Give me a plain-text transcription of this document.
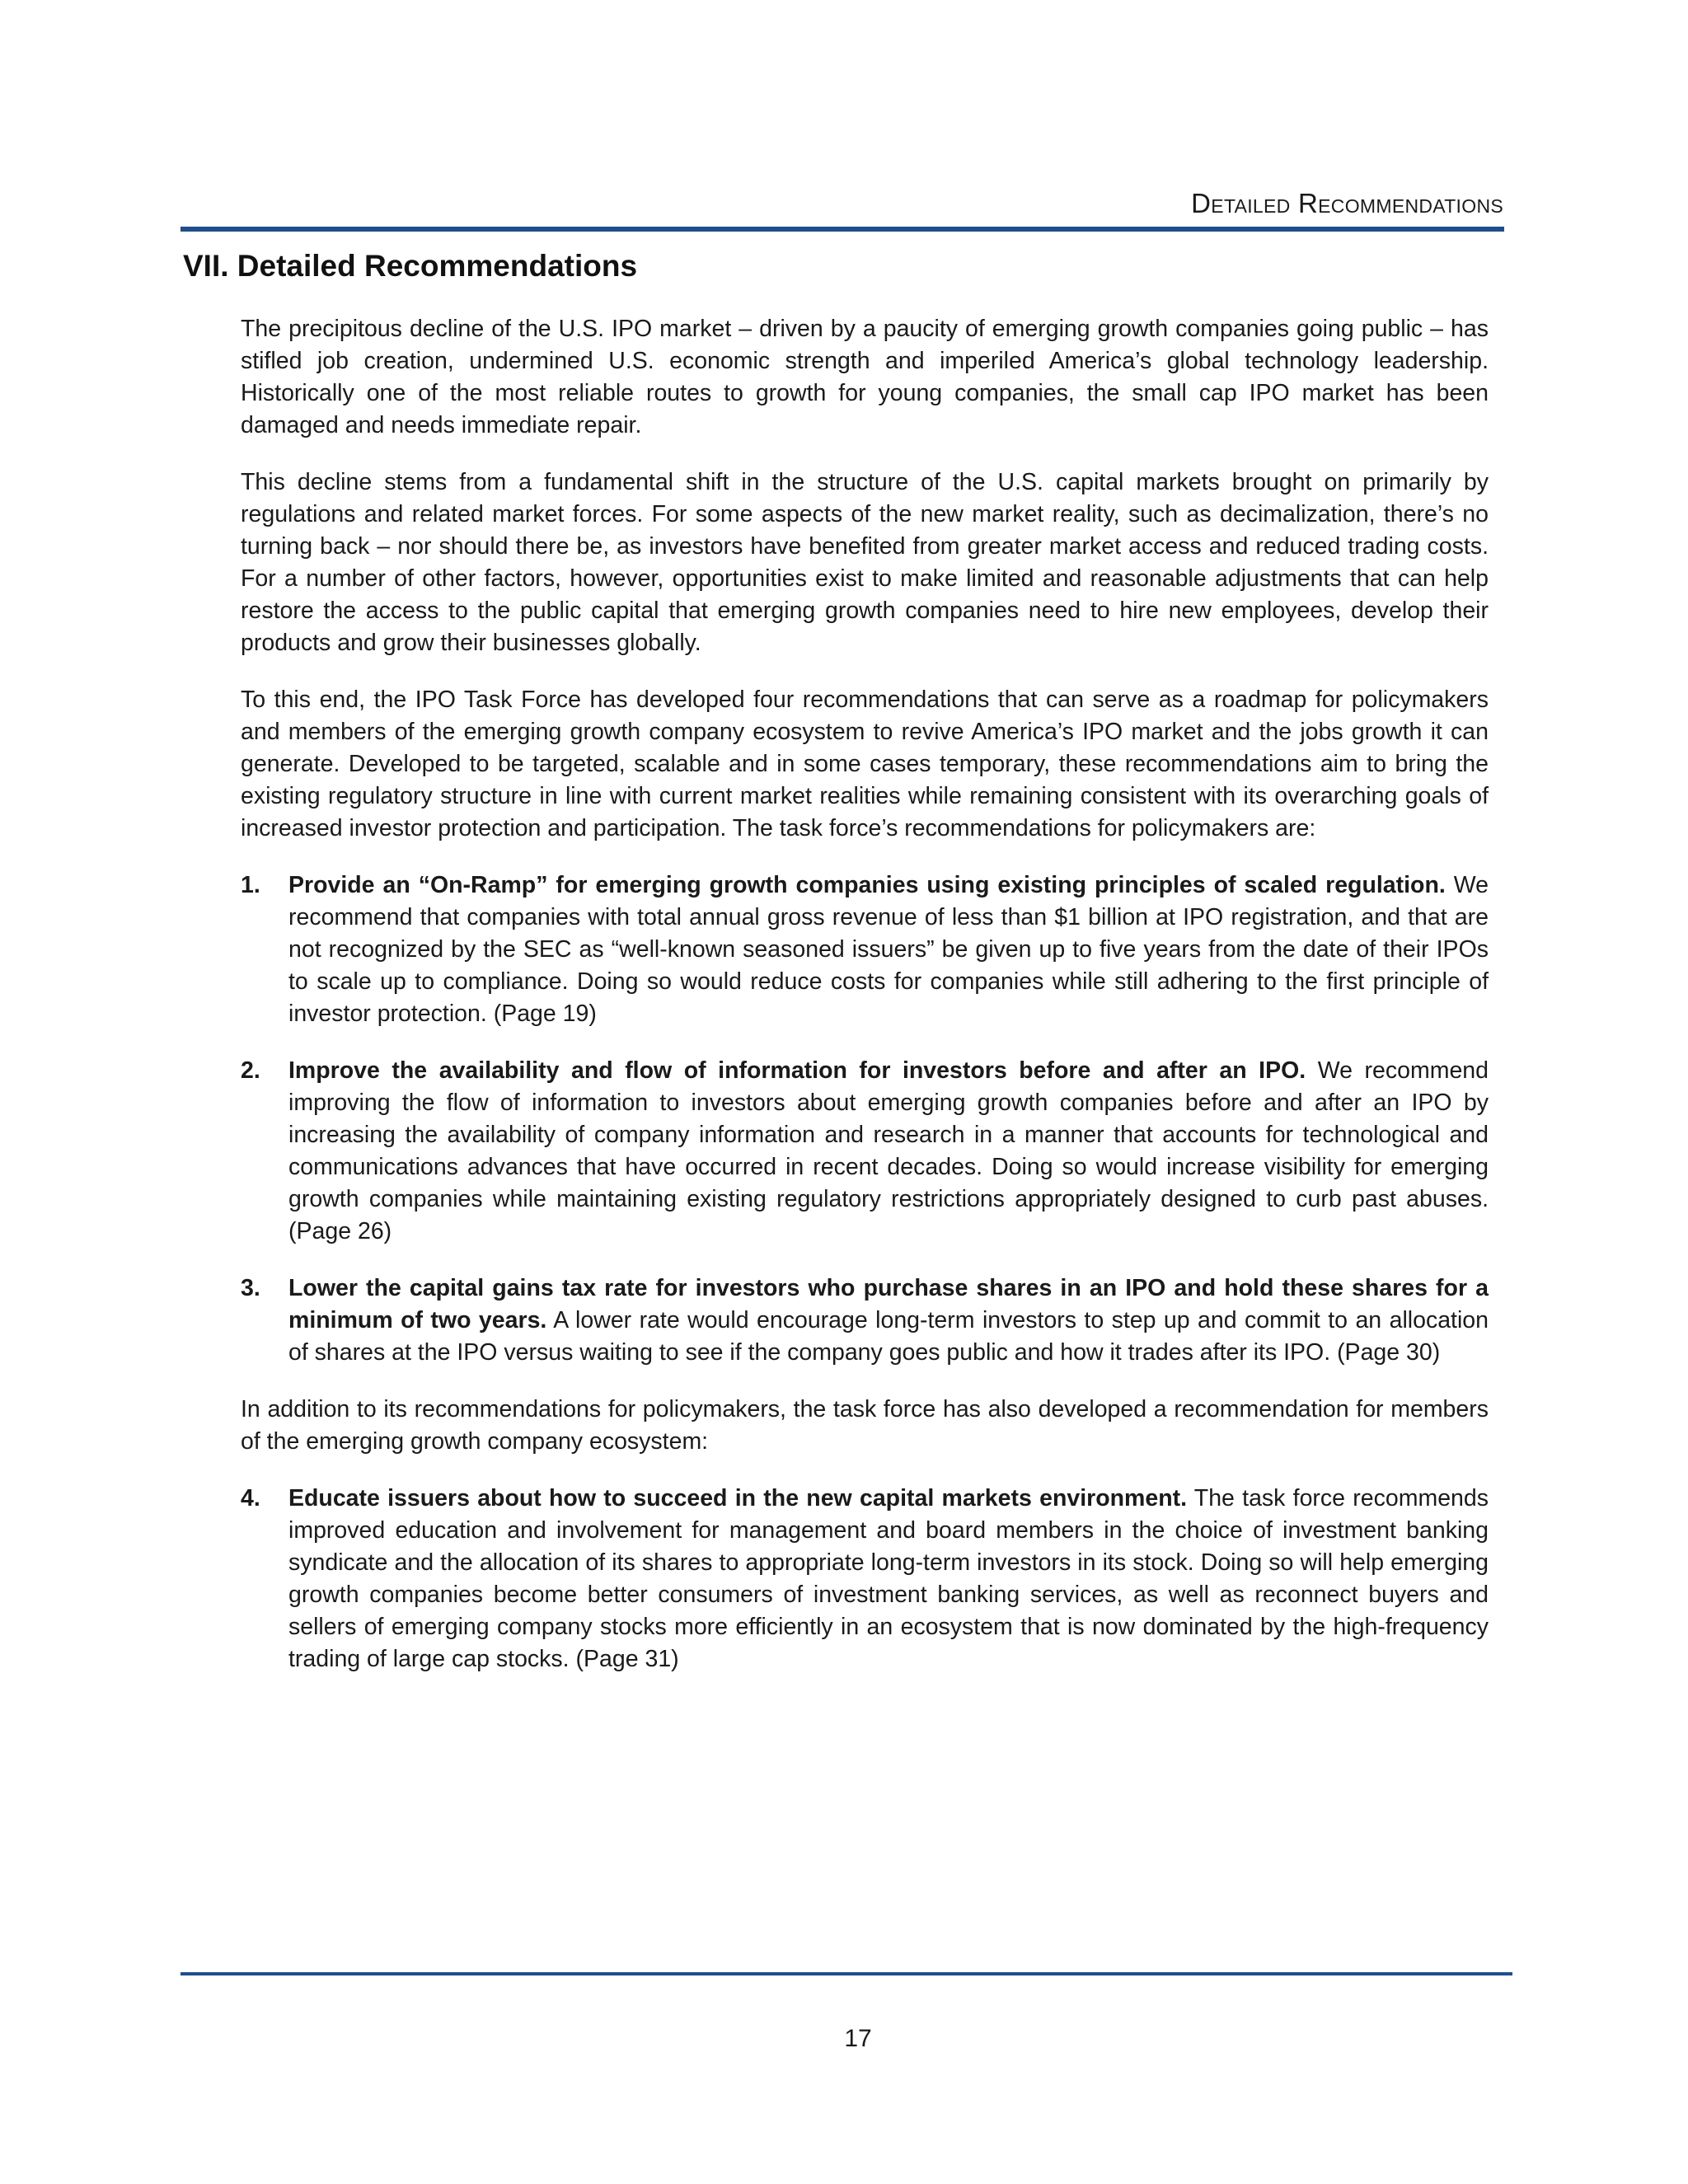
Detailed Recommendations
VII. Detailed Recommendations

The precipitous decline of the U.S. IPO market – driven by a paucity of emerging growth companies going public – has stifled job creation, undermined U.S. economic strength and imperiled America’s global technology leadership. Historically one of the most reliable routes to growth for young companies, the small cap IPO market has been damaged and needs immediate repair.

This decline stems from a fundamental shift in the structure of the U.S. capital markets brought on primarily by regulations and related market forces. For some aspects of the new market reality, such as decimalization, there’s no turning back – nor should there be, as investors have benefited from greater market access and reduced trading costs. For a number of other factors, however, opportunities exist to make limited and reasonable adjustments that can help restore the access to the public capital that emerging growth companies need to hire new employees, develop their products and grow their businesses globally.

To this end, the IPO Task Force has developed four recommendations that can serve as a roadmap for policymakers and members of the emerging growth company ecosystem to revive America’s IPO market and the jobs growth it can generate. Developed to be targeted, scalable and in some cases temporary, these recommendations aim to bring the existing regulatory structure in line with current market realities while remaining consistent with its overarching goals of increased investor protection and participation. The task force’s recommendations for policymakers are:

1. Provide an “On-Ramp” for emerging growth companies using existing principles of scaled regulation. We recommend that companies with total annual gross revenue of less than $1 billion at IPO registration, and that are not recognized by the SEC as “well-known seasoned issuers” be given up to five years from the date of their IPOs to scale up to compliance. Doing so would reduce costs for companies while still adhering to the first principle of investor protection. (Page 19)
2. Improve the availability and flow of information for investors before and after an IPO. We recommend improving the flow of information to investors about emerging growth companies before and after an IPO by increasing the availability of company information and research in a manner that accounts for technological and communications advances that have occurred in recent decades. Doing so would increase visibility for emerging growth companies while maintaining existing regulatory restrictions appropriately designed to curb past abuses. (Page 26)
3. Lower the capital gains tax rate for investors who purchase shares in an IPO and hold these shares for a minimum of two years. A lower rate would encourage long-term investors to step up and commit to an allocation of shares at the IPO versus waiting to see if the company goes public and how it trades after its IPO. (Page 30)

In addition to its recommendations for policymakers, the task force has also developed a recommendation for members of the emerging growth company ecosystem:

4. Educate issuers about how to succeed in the new capital markets environment. The task force recommends improved education and involvement for management and board members in the choice of investment banking syndicate and the allocation of its shares to appropriate long-term investors in its stock. Doing so will help emerging growth companies become better consumers of investment banking services, as well as reconnect buyers and sellers of emerging company stocks more efficiently in an ecosystem that is now dominated by the high-frequency trading of large cap stocks. (Page 31)
17
